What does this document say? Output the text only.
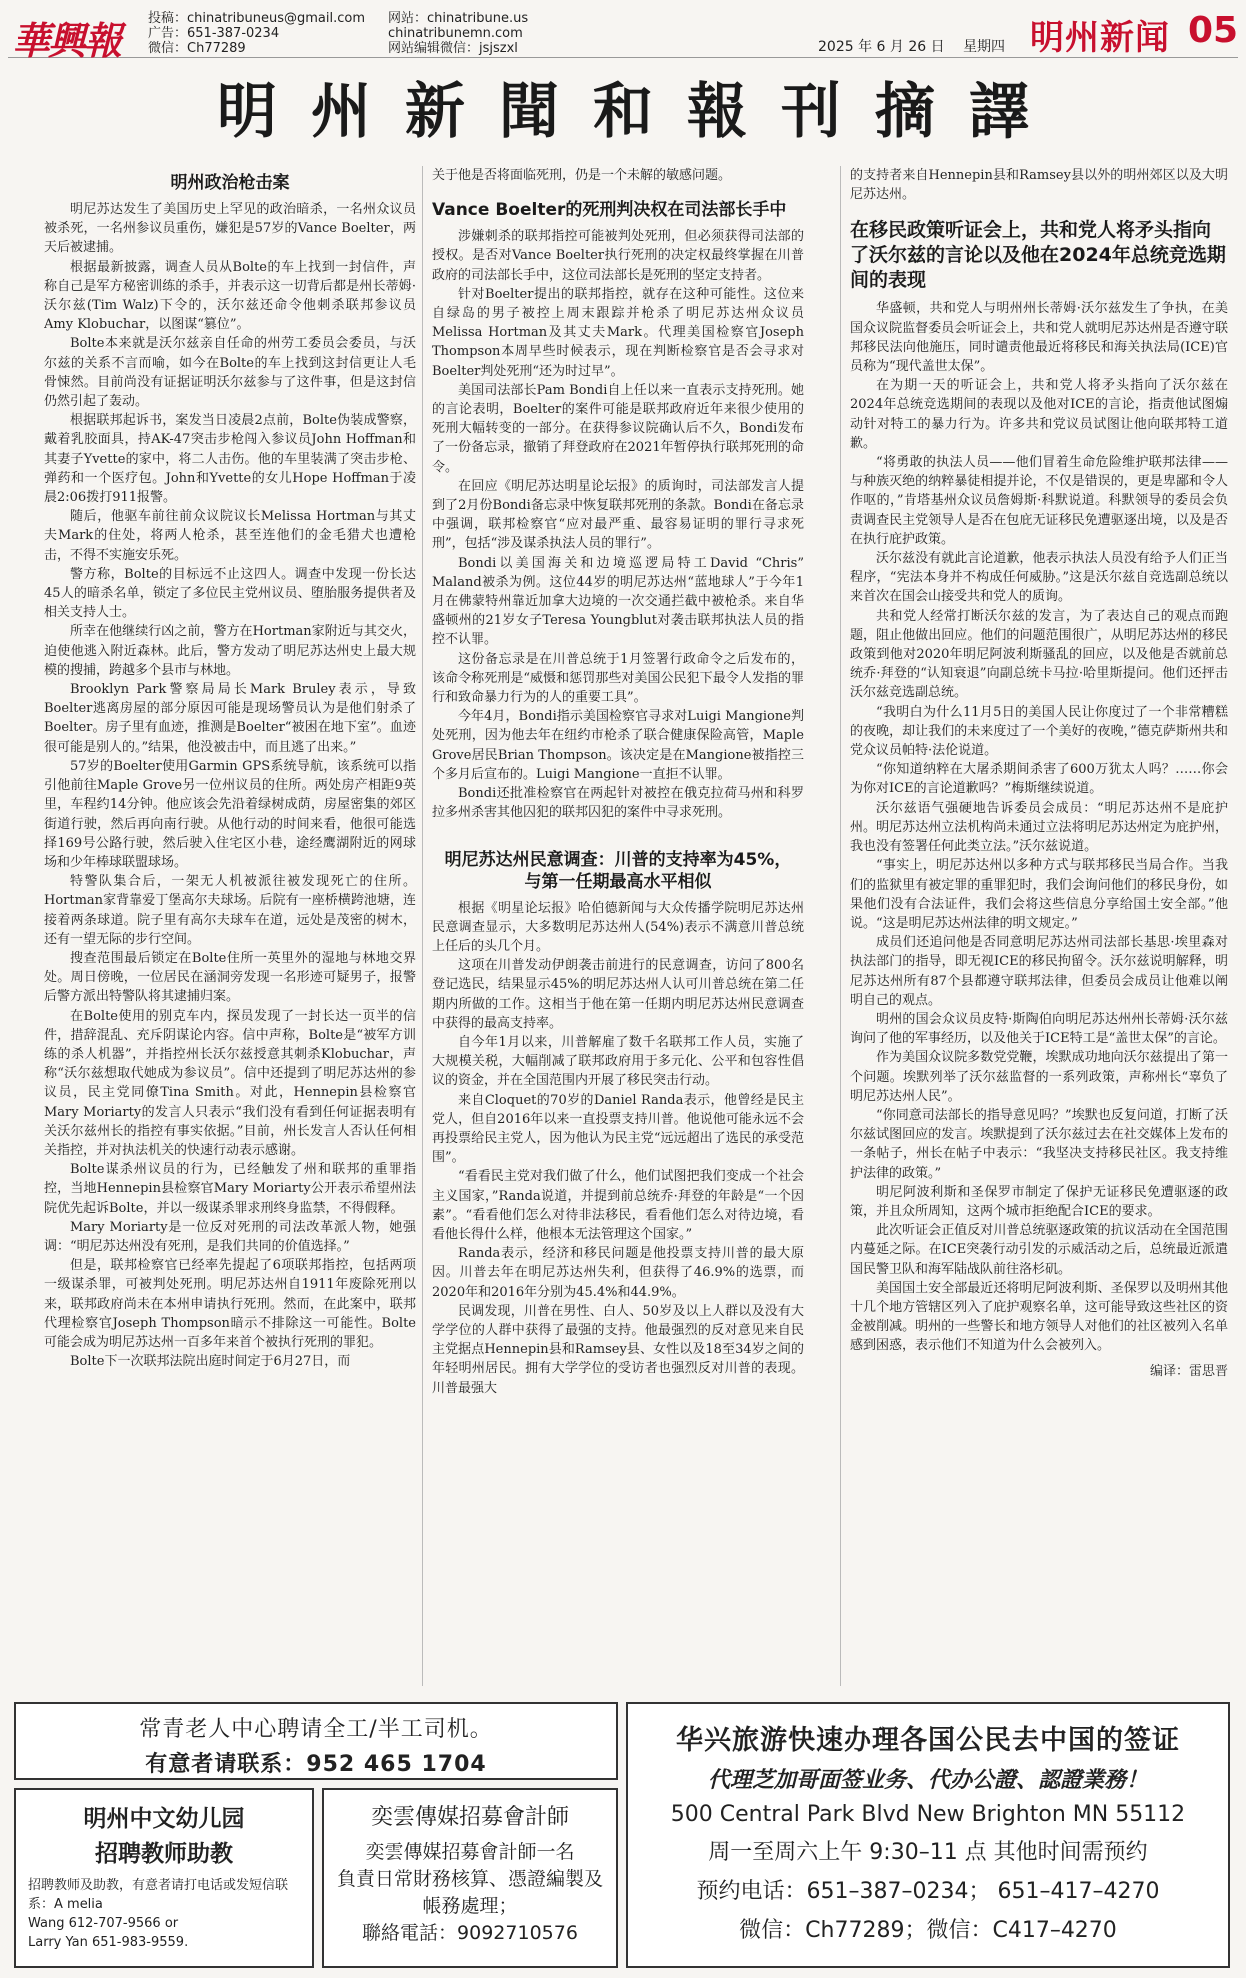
華興報 投稿：chinatribuneus@gmail.com
广告：651-387-0234
微信：Ch77289
网站：chinatribune.us
chinatribunemn.com
网站编辑微信：jsjszxl	2025 年 6 月 26 日 星期四 明州新闻 05
明州新聞和報刊摘譯
明州政治枪击案

明尼苏达发生了美国历史上罕见的政治暗杀，一名州众议员被杀死，一名州参议员重伤，嫌犯是57岁的Vance Boelter，两天后被逮捕。

根据最新披露，调查人员从Bolte的车上找到一封信件，声称自己是军方秘密训练的杀手，并表示这一切背后都是州长蒂姆·沃尔兹(Tim Walz)下令的，沃尔兹还命令他刺杀联邦参议员Amy Klobuchar，以图谋“篡位”。

Bolte本来就是沃尔兹亲自任命的州劳工委员会委员，与沃尔兹的关系不言而喻，如今在Bolte的车上找到这封信更让人毛骨悚然。目前尚没有证据证明沃尔兹参与了这件事，但是这封信仍然引起了轰动。

根据联邦起诉书，案发当日凌晨2点前，Bolte伪装成警察，戴着乳胶面具，持AK-47突击步枪闯入参议员John Hoffman和其妻子Yvette的家中，将二人击伤。他的车里装满了突击步枪、弹药和一个医疗包。John和Yvette的女儿Hope Hoffman于凌晨2:06拨打911报警。

随后，他驱车前往前众议院议长Melissa Hortman与其丈夫Mark的住处，将两人枪杀，甚至连他们的金毛猎犬也遭枪击，不得不实施安乐死。

警方称，Bolte的目标远不止这四人。调查中发现一份长达45人的暗杀名单，锁定了多位民主党州议员、堕胎服务提供者及相关支持人士。

所幸在他继续行凶之前，警方在Hortman家附近与其交火，迫使他逃入附近森林。此后，警方发动了明尼苏达州史上最大规模的搜捕，跨越多个县市与林地。

Brooklyn Park警察局局长Mark Bruley表示，导致Boelter逃离房屋的部分原因可能是现场警员认为是他们射杀了Boelter。房子里有血迹，推测是Boelter“被困在地下室”。血迹很可能是别人的。”结果，他没被击中，而且逃了出来。”

57岁的Boelter使用Garmin GPS系统导航，该系统可以指引他前往Maple Grove另一位州议员的住所。两处房产相距9英里，车程约14分钟。他应该会先沿着绿树成荫，房屋密集的郊区街道行驶，然后再向南行驶。从他行动的时间来看，他很可能选择169号公路行驶，然后驶入住宅区小巷，途经鹰湖附近的网球场和少年棒球联盟球场。

特警队集合后，一架无人机被派往被发现死亡的住所。Hortman家背靠爱丁堡高尔夫球场。后院有一座桥横跨池塘，连接着两条球道。院子里有高尔夫球车在道，远处是茂密的树木，还有一望无际的步行空间。

搜查范围最后锁定在Bolte住所一英里外的湿地与林地交界处。周日傍晚，一位居民在涵洞旁发现一名形迹可疑男子，报警后警方派出特警队将其逮捕归案。

在Bolte使用的别克车内，探员发现了一封长达一页半的信件，措辞混乱、充斥阴谋论内容。信中声称，Bolte是“被军方训练的杀人机器”，并指控州长沃尔兹授意其刺杀Klobuchar，声称“沃尔兹想取代她成为参议员”。信中还提到了明尼苏达州的参议员，民主党同僚Tina Smith。对此，Hennepin县检察官Mary Moriarty的发言人只表示“我们没有看到任何证据表明有关沃尔兹州长的指控有事实依据。”目前，州长发言人否认任何相关指控，并对执法机关的快速行动表示感谢。

Bolte谋杀州议员的行为，已经触发了州和联邦的重罪指控，当地Hennepin县检察官Mary Moriarty公开表示希望州法院优先起诉Bolte，并以一级谋杀罪求刑终身监禁，不得假释。

Mary Moriarty是一位反对死刑的司法改革派人物，她强调：“明尼苏达州没有死刑，是我们共同的价值选择。”

但是，联邦检察官已经率先提起了6项联邦指控，包括两项一级谋杀罪，可被判处死刑。明尼苏达州自1911年废除死刑以来，联邦政府尚未在本州申请执行死刑。然而，在此案中，联邦代理检察官Joseph Thompson暗示不排除这一可能性。Bolte可能会成为明尼苏达州一百多年来首个被执行死刑的罪犯。

Bolte下一次联邦法院出庭时间定于6月27日，而

关于他是否将面临死刑，仍是一个未解的敏感问题。

Vance Boelter的死刑判决权在司法部长手中

涉嫌刺杀的联邦指控可能被判处死刑，但必须获得司法部的授权。是否对Vance Boelter执行死刑的决定权最终掌握在川普政府的司法部长手中，这位司法部长是死刑的坚定支持者。

针对Boelter提出的联邦指控，就存在这种可能性。这位来自绿岛的男子被控上周末跟踪并枪杀了明尼苏达州众议员Melissa Hortman及其丈夫Mark。代理美国检察官Joseph Thompson本周早些时候表示，现在判断检察官是否会寻求对Boelter判处死刑“还为时过早”。

美国司法部长Pam Bondi自上任以来一直表示支持死刑。她的言论表明，Boelter的案件可能是联邦政府近年来很少使用的死刑大幅转变的一部分。在获得参议院确认后不久，Bondi发布了一份备忘录，撤销了拜登政府在2021年暂停执行联邦死刑的命令。

在回应《明尼苏达明星论坛报》的质询时，司法部发言人提到了2月份Bondi备忘录中恢复联邦死刑的条款。Bondi在备忘录中强调，联邦检察官“应对最严重、最容易证明的罪行寻求死刑”，包括“涉及谋杀执法人员的罪行”。

Bondi以美国海关和边境巡逻局特工David “Chris” Maland被杀为例。这位44岁的明尼苏达州“蓝地球人”于今年1月在佛蒙特州靠近加拿大边境的一次交通拦截中被枪杀。来自华盛顿州的21岁女子Teresa Youngblut对袭击联邦执法人员的指控不认罪。

这份备忘录是在川普总统于1月签署行政命令之后发布的，该命令称死刑是“威慑和惩罚那些对美国公民犯下最令人发指的罪行和致命暴力行为的人的重要工具”。

今年4月，Bondi指示美国检察官寻求对Luigi Mangione判处死刑，因为他去年在纽约市枪杀了联合健康保险高管，Maple Grove居民Brian Thompson。该决定是在Mangione被指控三个多月后宣布的。Luigi Mangione一直拒不认罪。

Bondi还批准检察官在两起针对被控在俄克拉荷马州和科罗拉多州杀害其他囚犯的联邦囚犯的案件中寻求死刑。

明尼苏达州民意调查：川普的支持率为45%，
与第一任期最高水平相似

根据《明星论坛报》哈伯德新闻与大众传播学院明尼苏达州民意调查显示，大多数明尼苏达州人(54%)表示不满意川普总统上任后的头几个月。

这项在川普发动伊朗袭击前进行的民意调查，访问了800名登记选民，结果显示45%的明尼苏达州人认可川普总统在第二任期内所做的工作。这相当于他在第一任期内明尼苏达州民意调查中获得的最高支持率。

自今年1月以来，川普解雇了数千名联邦工作人员，实施了大规模关税，大幅削减了联邦政府用于多元化、公平和包容性倡议的资金，并在全国范围内开展了移民突击行动。

来自Cloquet的70岁的Daniel Randa表示，他曾经是民主党人，但自2016年以来一直投票支持川普。他说他可能永远不会再投票给民主党人，因为他认为民主党“远远超出了选民的承受范围”。

“看看民主党对我们做了什么，他们试图把我们变成一个社会主义国家，”Randa说道，并提到前总统乔·拜登的年龄是“一个因素”。“看看他们怎么对待非法移民，看看他们怎么对待边境，看看他长得什么样，他根本无法管理这个国家。”

Randa表示，经济和移民问题是他投票支持川普的最大原因。川普去年在明尼苏达州失利，但获得了46.9%的选票，而2020年和2016年分别为45.4%和44.9%。

民调发现，川普在男性、白人、50岁及以上人群以及没有大学学位的人群中获得了最强的支持。他最强烈的反对意见来自民主党据点Hennepin县和Ramsey县、女性以及18至34岁之间的年轻明州居民。拥有大学学位的受访者也强烈反对川普的表现。川普最强大

的支持者来自Hennepin县和Ramsey县以外的明州郊区以及大明尼苏达州。

在移民政策听证会上，共和党人将矛头指向了沃尔兹的言论以及他在2024年总统竞选期间的表现

华盛顿，共和党人与明州州长蒂姆·沃尔兹发生了争执，在美国众议院监督委员会听证会上，共和党人就明尼苏达州是否遵守联邦移民法向他施压，同时谴责他最近将移民和海关执法局(ICE)官员称为“现代盖世太保”。

在为期一天的听证会上，共和党人将矛头指向了沃尔兹在2024年总统竞选期间的表现以及他对ICE的言论，指责他试图煽动针对特工的暴力行为。许多共和党议员试图让他向联邦特工道歉。

“将勇敢的执法人员——他们冒着生命危险维护联邦法律——与种族灭绝的纳粹暴徒相提并论，不仅是错误的，更是卑鄙和令人作呕的，”肯塔基州众议员詹姆斯·科默说道。科默领导的委员会负责调查民主党领导人是否在包庇无证移民免遭驱逐出境，以及是否在执行庇护政策。

沃尔兹没有就此言论道歉，他表示执法人员没有给予人们正当程序，“宪法本身并不构成任何威胁。”这是沃尔兹自竞选副总统以来首次在国会山接受共和党人的质询。

共和党人经常打断沃尔兹的发言，为了表达自己的观点而跑题，阻止他做出回应。他们的问题范围很广，从明尼苏达州的移民政策到他对2020年明尼阿波利斯骚乱的回应，以及他是否就前总统乔·拜登的“认知衰退”向副总统卡马拉·哈里斯提问。他们还抨击沃尔兹竞选副总统。

“我明白为什么11月5日的美国人民让你度过了一个非常糟糕的夜晚，却让我们的未来度过了一个美好的夜晚，”德克萨斯州共和党众议员帕特·法伦说道。

“你知道纳粹在大屠杀期间杀害了600万犹太人吗？……你会为你对ICE的言论道歉吗？”梅斯继续说道。

沃尔兹语气强硬地告诉委员会成员：“明尼苏达州不是庇护州。明尼苏达州立法机构尚未通过立法将明尼苏达州定为庇护州，我也没有签署任何此类立法。”沃尔兹说道。

“事实上，明尼苏达州以多种方式与联邦移民当局合作。当我们的监狱里有被定罪的重罪犯时，我们会询问他们的移民身份，如果他们没有合法证件，我们会将这些信息分享给国土安全部。”他说。“这是明尼苏达州法律的明文规定。”

成员们还追问他是否同意明尼苏达州司法部长基思·埃里森对执法部门的指导，即无视ICE的移民拘留令。沃尔兹说明解释，明尼苏达州所有87个县都遵守联邦法律，但委员会成员让他难以阐明自己的观点。

明州的国会众议员皮特·斯陶伯向明尼苏达州州长蒂姆·沃尔兹询问了他的军事经历，以及他关于ICE特工是“盖世太保”的言论。

作为美国众议院多数党党鞭，埃默成功地向沃尔兹提出了第一个问题。埃默列举了沃尔兹监督的一系列政策，声称州长“辜负了明尼苏达州人民”。

“你同意司法部长的指导意见吗？”埃默也反复问道，打断了沃尔兹试图回应的发言。埃默提到了沃尔兹过去在社交媒体上发布的一条帖子，州长在帖子中表示：“我坚决支持移民社区。我支持维护法律的政策。”

明尼阿波利斯和圣保罗市制定了保护无证移民免遭驱逐的政策，并且众所周知，这两个城市拒绝配合ICE的要求。

此次听证会正值反对川普总统驱逐政策的抗议活动在全国范围内蔓延之际。在ICE突袭行动引发的示威活动之后，总统最近派遣国民警卫队和海军陆战队前往洛杉矶。

美国国土安全部最近还将明尼阿波利斯、圣保罗以及明州其他十几个地方管辖区列入了庇护观察名单，这可能导致这些社区的资金被削减。明州的一些警长和地方领导人对他们的社区被列入名单感到困惑，表示他们不知道为什么会被列入。

编译：雷思晋
常青老人中心聘请全工/半工司机。
有意者请联系：952 465 1704
明州中文幼儿园
招聘教师助教
招聘教师及助教，有意者请打电话或发短信联系：A melia
Wang 612-707-9566 or
Larry Yan 651-983-9559.
奕雲傳媒招募會計師
奕雲傳媒招募會計師一名
負責日常財務核算、憑證編製及
帳務處理；
聯絡電話：9092710576
华兴旅游快速办理各国公民去中国的签证
代理芝加哥面签业务、代办公證、認證業務！
500 Central Park Blvd New Brighton MN 55112
周一至周六上午 9:30–11 点 其他时间需预约
预约电话：651–387–0234； 651–417–4270
微信：Ch77289；微信：C417–4270
